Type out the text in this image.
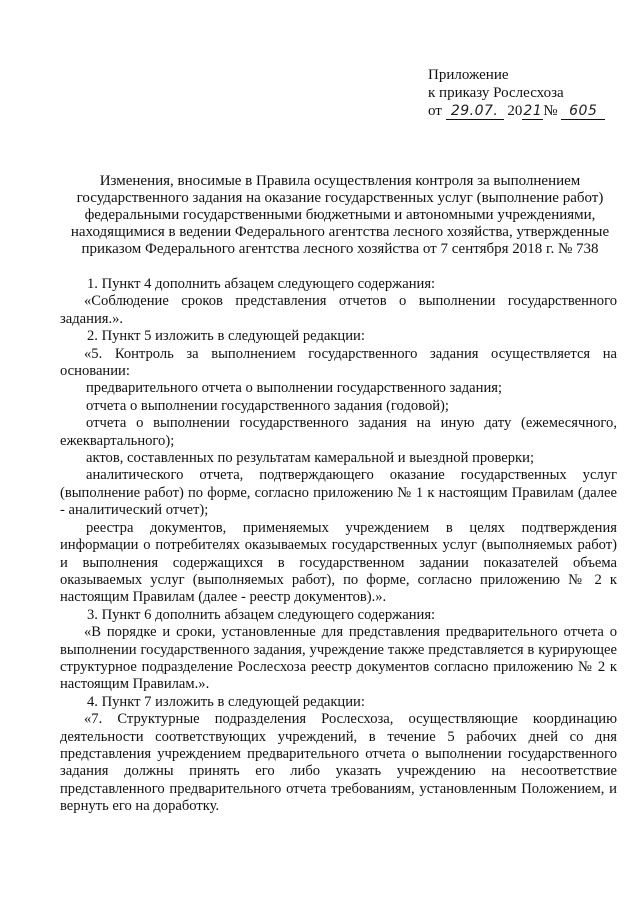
Приложение
к приказу Рослесхоза
от 29.07. 2021№ 605
Изменения, вносимые в Правила осуществления контроля за выполнением
государственного задания на оказание государственных услуг (выполнение работ)
федеральными государственными бюджетными и автономными учреждениями,
находящимися в ведении Федерального агентства лесного хозяйства, утвержденные
приказом Федерального агентства лесного хозяйства от 7 сентября 2018 г. № 738

1. Пункт 4 дополнить абзацем следующего содержания:

«Соблюдение сроков представления отчетов о выполнении государственного задания.».

2. Пункт 5 изложить в следующей редакции:

«5. Контроль за выполнением государственного задания осуществляется на основании:

предварительного отчета о выполнении государственного задания;

отчета о выполнении государственного задания (годовой);

отчета о выполнении государственного задания на иную дату (ежемесячного, ежеквартального);

актов, составленных по результатам камеральной и выездной проверки;

аналитического отчета, подтверждающего оказание государственных услуг (выполнение работ) по форме, согласно приложению № 1 к настоящим Правилам (далее - аналитический отчет);

реестра документов, применяемых учреждением в целях подтверждения информации о потребителях оказываемых государственных услуг (выполняемых работ) и выполнения содержащихся в государственном задании показателей объема оказываемых услуг (выполняемых работ), по форме, согласно приложению № 2 к настоящим Правилам (далее - реестр документов).».

3. Пункт 6 дополнить абзацем следующего содержания:

«В порядке и сроки, установленные для представления предварительного отчета о выполнении государственного задания, учреждение также представляется в курирующее структурное подразделение Рослесхоза реестр документов согласно приложению № 2 к настоящим Правилам.».

4. Пункт 7 изложить в следующей редакции:

«7. Структурные подразделения Рослесхоза, осуществляющие координацию деятельности соответствующих учреждений, в течение 5 рабочих дней со дня представления учреждением предварительного отчета о выполнении государственного задания должны принять его либо указать учреждению на несоответствие представленного предварительного отчета требованиям, установленным Положением, и вернуть его на доработку.
